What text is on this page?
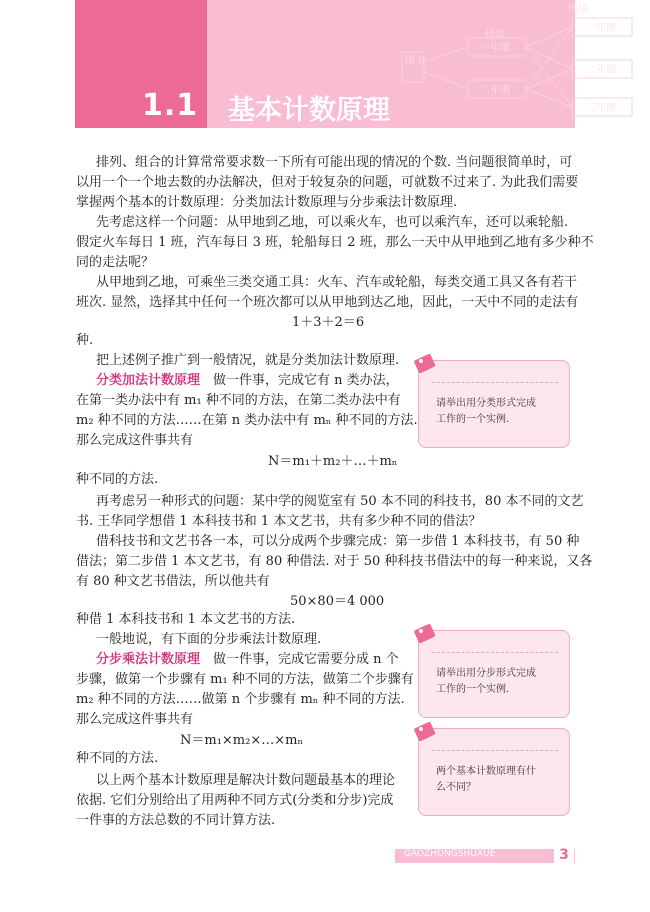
图书
借部
一年期
二年期
国债
一年期
二年期
三年期
1.1 基本计数原理
排列、组合的计算常常要求数一下所有可能出现的情况的个数. 当问题很简单时，可
以用一个一个地去数的办法解决，但对于较复杂的问题，可就数不过来了. 为此我们需要
掌握两个基本的计数原理：分类加法计数原理与分步乘法计数原理.
先考虑这样一个问题：从甲地到乙地，可以乘火车，也可以乘汽车，还可以乘轮船.
假定火车每日 1 班，汽车每日 3 班，轮船每日 2 班，那么一天中从甲地到乙地有多少种不
同的走法呢？
从甲地到乙地，可乘坐三类交通工具：火车、汽车或轮船，每类交通工具又各有若干
班次. 显然，选择其中任何一个班次都可以从甲地到达乙地，因此，一天中不同的走法有
1＋3＋2＝6
种.
把上述例子推广到一般情况，就是分类加法计数原理.
分类加法计数原理　做一件事，完成它有 n 类办法，
在第一类办法中有 m₁ 种不同的方法，在第二类办法中有
m₂ 种不同的方法……在第 n 类办法中有 mₙ 种不同的方法.
那么完成这件事共有
N＝m₁＋m₂＋…＋mₙ
种不同的方法.
再考虑另一种形式的问题：某中学的阅览室有 50 本不同的科技书，80 本不同的文艺
书. 王华同学想借 1 本科技书和 1 本文艺书，共有多少种不同的借法？
借科技书和文艺书各一本，可以分成两个步骤完成：第一步借 1 本科技书，有 50 种
借法；第二步借 1 本文艺书，有 80 种借法. 对于 50 种科技书借法中的每一种来说，又各
有 80 种文艺书借法，所以他共有
50×80＝4 000
种借 1 本科技书和 1 本文艺书的方法.
一般地说，有下面的分步乘法计数原理.
分步乘法计数原理　做一件事，完成它需要分成 n 个
步骤，做第一个步骤有 m₁ 种不同的方法，做第二个步骤有
m₂ 种不同的方法……做第 n 个步骤有 mₙ 种不同的方法.
那么完成这件事共有
N＝m₁×m₂×…×mₙ
种不同的方法.
以上两个基本计数原理是解决计数问题最基本的理论
依据. 它们分别给出了用两种不同方式(分类和分步)完成
一件事的方法总数的不同计算方法.
请举出用分类形式完成
工作的一个实例.
请举出用分步形式完成
工作的一个实例.
两个基本计数原理有什
么不同？
GAOZHONGSHUXUE	3
